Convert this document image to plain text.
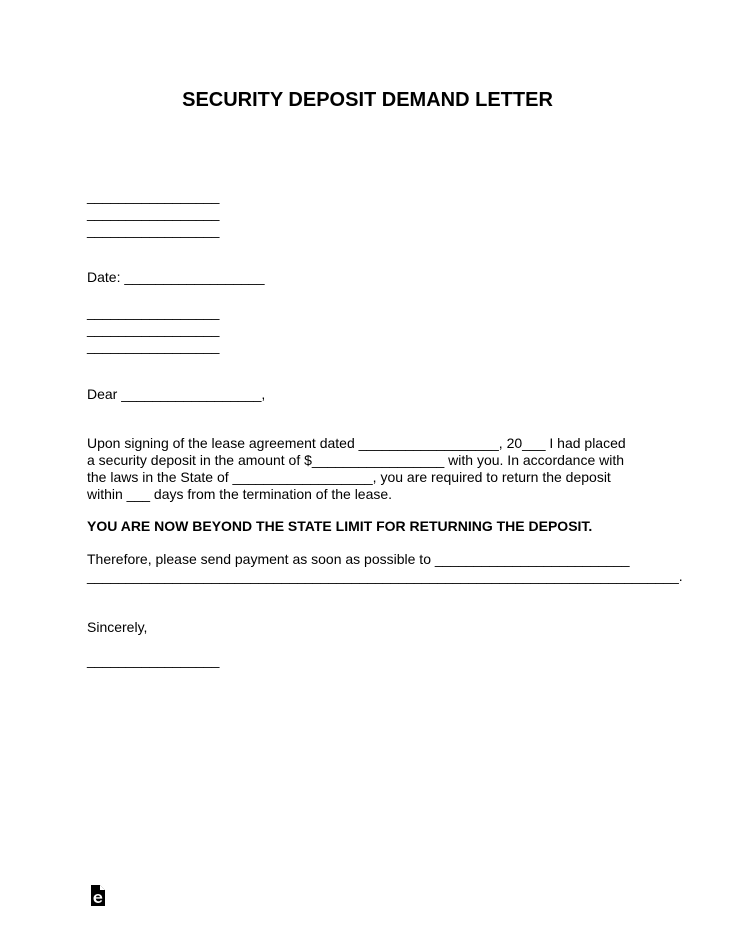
SECURITY DEPOSIT DEMAND LETTER
_________________
_________________
_________________
Date: __________________
_________________
_________________
_________________
Dear __________________,
Upon signing of the lease agreement dated __________________, 20___ I had placed
a security deposit in the amount of $_________________ with you. In accordance with
the laws in the State of __________________, you are required to return the deposit
within ___ days from the termination of the lease.
YOU ARE NOW BEYOND THE STATE LIMIT FOR RETURNING THE DEPOSIT.
Therefore, please send payment as soon as possible to _________________________
____________________________________________________________________________.
Sincerely,
_________________
